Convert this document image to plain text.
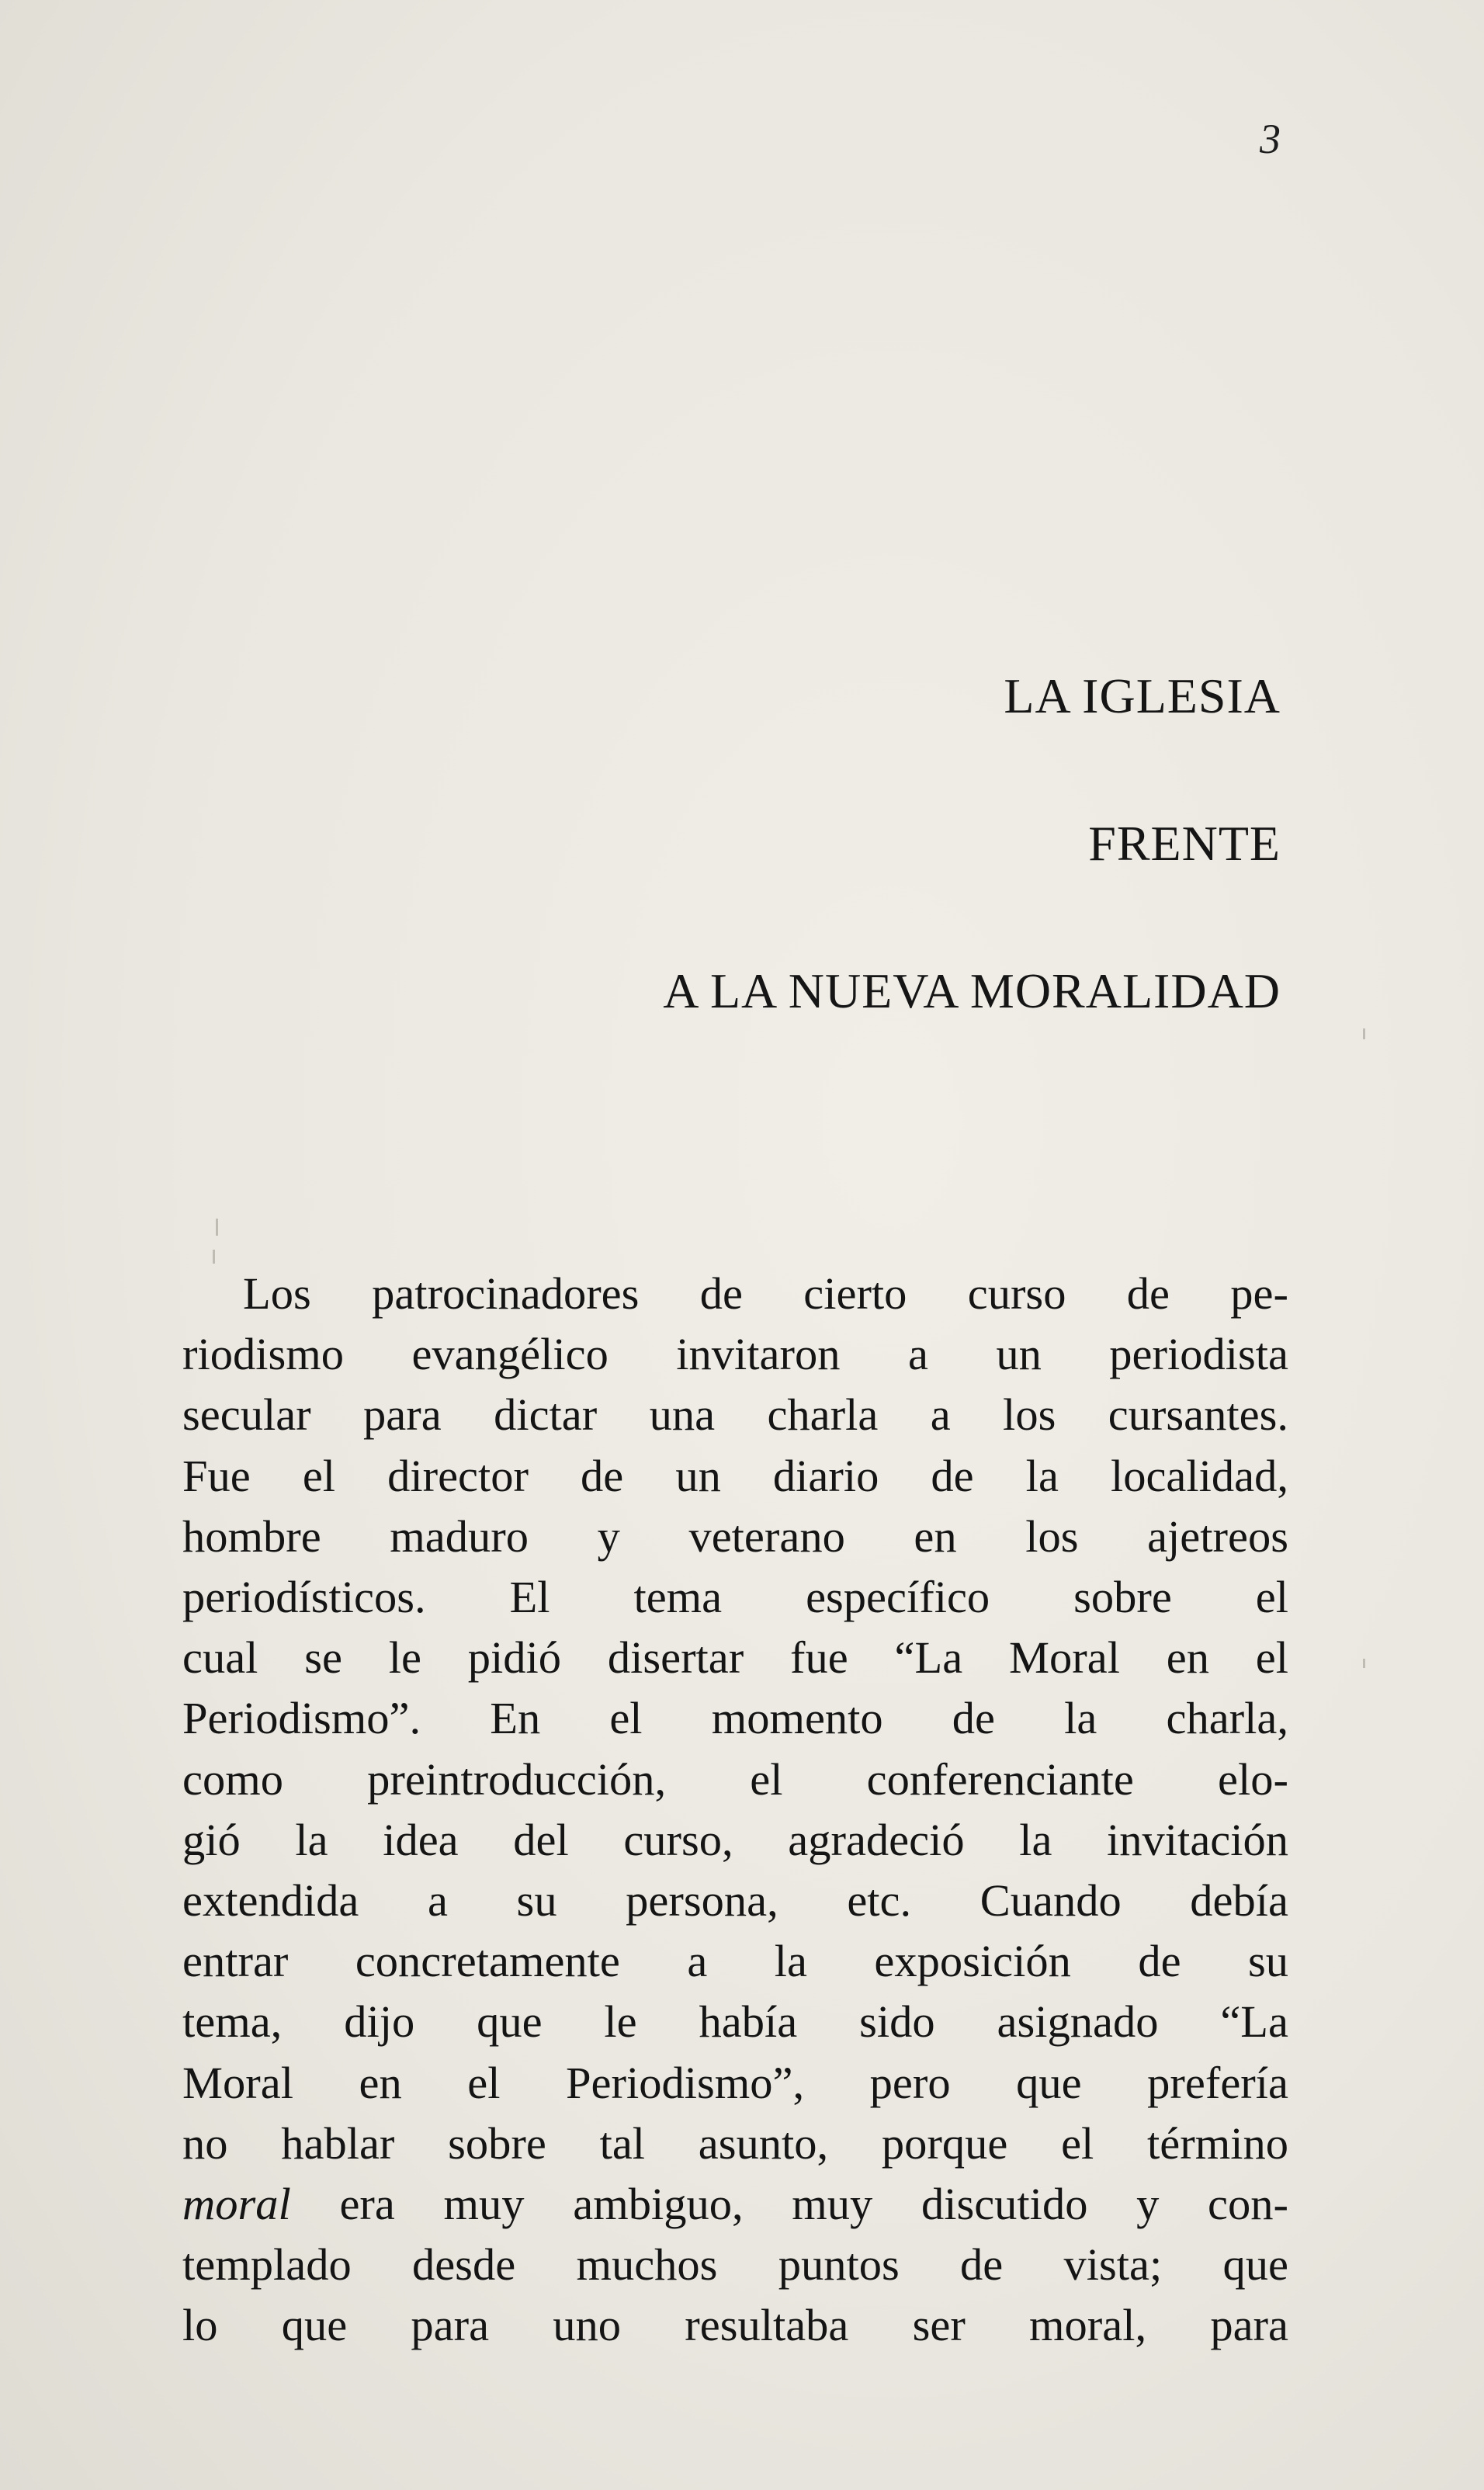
3
LA IGLESIA
FRENTE
A LA NUEVA MORALIDAD

Los patrocinadores de cierto curso de pe-
riodismo evangélico invitaron a un periodista
secular para dictar una charla a los cursantes.
Fue el director de un diario de la localidad,
hombre maduro y veterano en los ajetreos
periodísticos. El tema específico sobre el
cual se le pidió disertar fue “La Moral en el
Periodismo”. En el momento de la charla,
como preintroducción, el conferenciante elo-
gió la idea del curso, agradeció la invitación
extendida a su persona, etc. Cuando debía
entrar concretamente a la exposición de su
tema, dijo que le había sido asignado “La
Moral en el Periodismo”, pero que prefería
no hablar sobre tal asunto, porque el término
moral era muy ambiguo, muy discutido y con-
templado desde muchos puntos de vista; que
lo que para uno resultaba ser moral, para
